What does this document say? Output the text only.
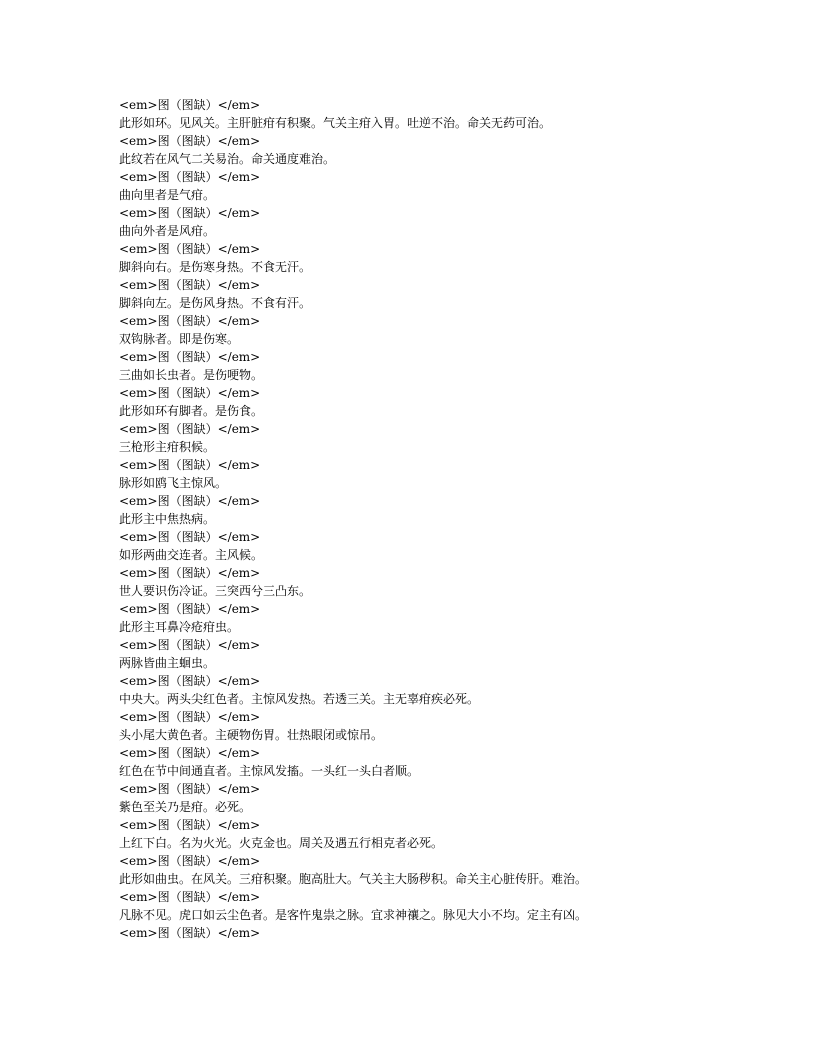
<em>图（图缺）</em>
此形如环。见风关。主肝脏疳有积聚。气关主疳入胃。吐逆不治。命关无药可治。
<em>图（图缺）</em>
此纹若在风气二关易治。命关通度难治。
<em>图（图缺）</em>
曲向里者是气疳。
<em>图（图缺）</em>
曲向外者是风疳。
<em>图（图缺）</em>
脚斜向右。是伤寒身热。不食无汗。
<em>图（图缺）</em>
脚斜向左。是伤风身热。不食有汗。
<em>图（图缺）</em>
双钩脉者。即是伤寒。
<em>图（图缺）</em>
三曲如长虫者。是伤哽物。
<em>图（图缺）</em>
此形如环有脚者。是伤食。
<em>图（图缺）</em>
三枪形主疳积候。
<em>图（图缺）</em>
脉形如鸥飞主惊风。
<em>图（图缺）</em>
此形主中焦热病。
<em>图（图缺）</em>
如形两曲交连者。主风候。
<em>图（图缺）</em>
世人要识伤冷证。三突西兮三凸东。
<em>图（图缺）</em>
此形主耳鼻冷疮疳虫。
<em>图（图缺）</em>
两脉皆曲主蛔虫。
<em>图（图缺）</em>
中央大。两头尖红色者。主惊风发热。若透三关。主无辜疳疾必死。
<em>图（图缺）</em>
头小尾大黄色者。主硬物伤胃。壮热眼闭或惊吊。
<em>图（图缺）</em>
红色在节中间通直者。主惊风发搐。一头红一头白者顺。
<em>图（图缺）</em>
紫色至关乃是疳。必死。
<em>图（图缺）</em>
上红下白。名为火光。火克金也。周关及遇五行相克者必死。
<em>图（图缺）</em>
此形如曲虫。在风关。三疳积聚。胞高肚大。气关主大肠秽积。命关主心脏传肝。难治。
<em>图（图缺）</em>
凡脉不见。虎口如云尘色者。是客忤鬼祟之脉。宜求神禳之。脉见大小不均。定主有凶。
<em>图（图缺）</em>
